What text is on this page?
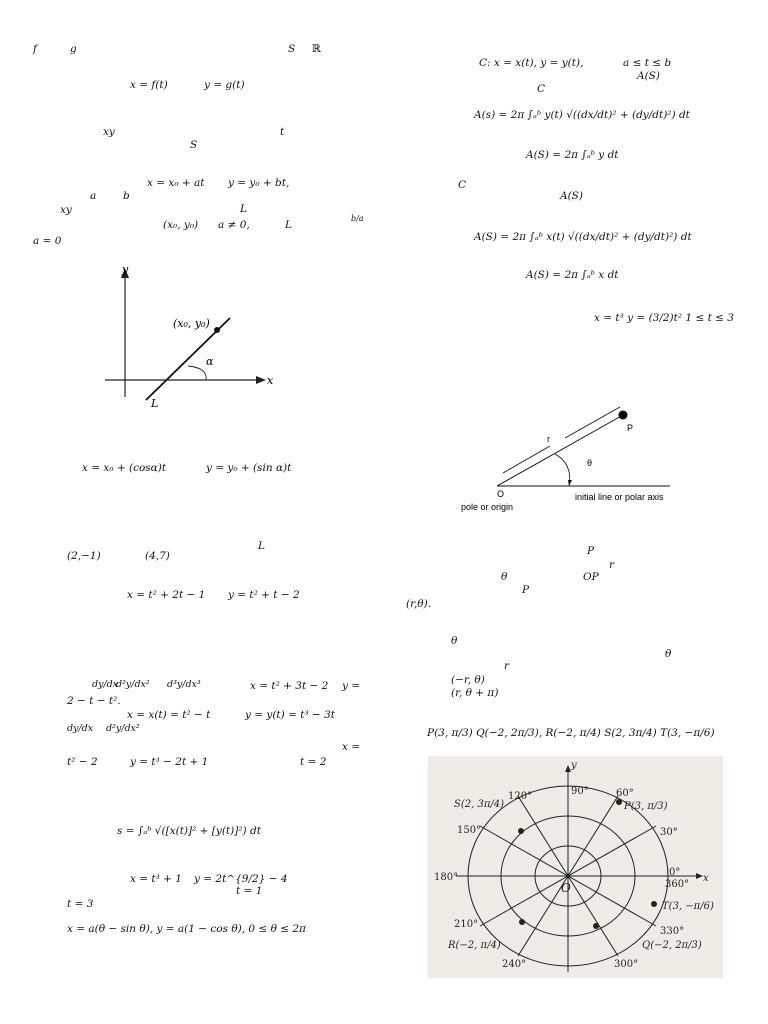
f	g	S ℝ
x = f(t)	y = g(t)
xy	t
S
x = x₀ + at y = y₀ + bt,
a	b
xy	L
(x₀, y₀) a ≠ 0,	L
b/a
a = 0
y
x
(x₀, y₀)
α
L
x = x₀ + (cosα)t	y = y₀ + (sin α)t
L
(2,−1)	(4,7)
x = t² + 2t − 1 y = t² + t − 2
dy/dx
d²y/dx² d³y/dx³	x = t² + 3t − 2 y =
2 − t − t².
x = x(t) = t² − t	y = y(t) = t³ − 3t
dy/dx d²y/dx²
x =
t² − 2	y = t³ − 2t + 1	t = 2
s = ∫ₐᵇ √([x(t)]² + [y(t)]²) dt
x = t³ + 1 y = 2t^{9/2} − 4
t = 1
t = 3
x = a(θ − sin θ), y = a(1 − cos θ), 0 ≤ θ ≤ 2π
C: x = x(t), y = y(t),	a ≤ t ≤ b
A(S)
C
A(s) = 2π ∫ₐᵇ y(t) √((dx/dt)² + (dy/dt)²) dt
A(S) = 2π ∫ₐᵇ y dt
C
A(S)
A(S) = 2π ∫ₐᵇ x(t) √((dx/dt)² + (dy/dt)²) dt
A(S) = 2π ∫ₐᵇ x dt
x = t³ y = (3/2)t² 1 ≤ t ≤ 3
r
P
θ
O
pole or origin
initial line or polar axis
P
r
θ	OP
P
(r,θ).
θ
θ
r
(−r, θ)
(r, θ + π)
P(3, π/3) Q(−2, 2π/3), R(−2, π/4) S(2, 3π/4) T(3, −π/6)
y
x
O
0°
30°
60°
90°
120°
150°
180°
210°
240°	300°
330°
360°
P(3, π/3)
S(2, 3π/4)
T(3, −π/6)
R(−2, π/4)	Q(−2, 2π/3)
